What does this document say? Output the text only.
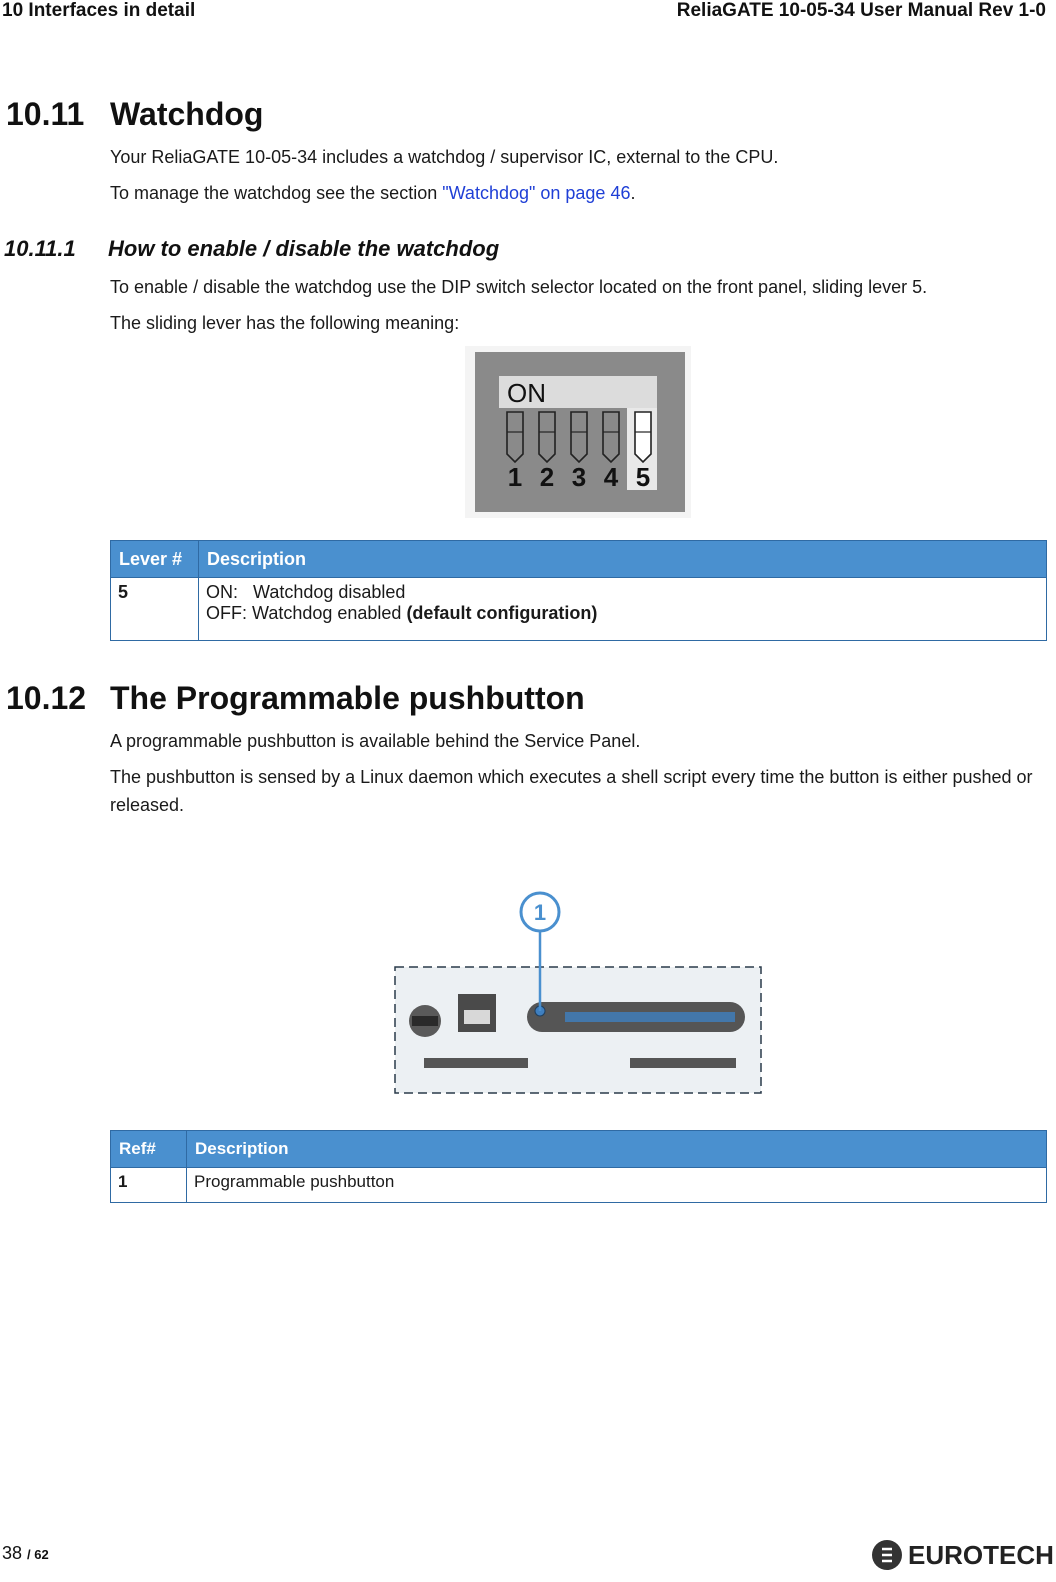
10 Interfaces in detail	ReliaGATE 10-05-34 User Manual Rev 1-0
10.11 Watchdog
Your ReliaGATE 10-05-34 includes a watchdog / supervisor IC, external to the CPU.
To manage the watchdog see the section "Watchdog" on page 46.
10.11.1 How to enable / disable the watchdog
To enable / disable the watchdog use the DIP switch selector located on the front panel, sliding lever 5.
The sliding lever has the following meaning:
ON
1 2 3 4 5
Lever #	Description
5	ON:   Watchdog disabled
OFF: Watchdog enabled (default configuration)
10.12 The Programmable pushbutton
A programmable pushbutton is available behind the Service Panel.
The pushbutton is sensed by a Linux daemon which executes a shell script every time the button is either pushed or released.
1
Ref#	Description
1	Programmable pushbutton
38 / 62	EUROTECH
